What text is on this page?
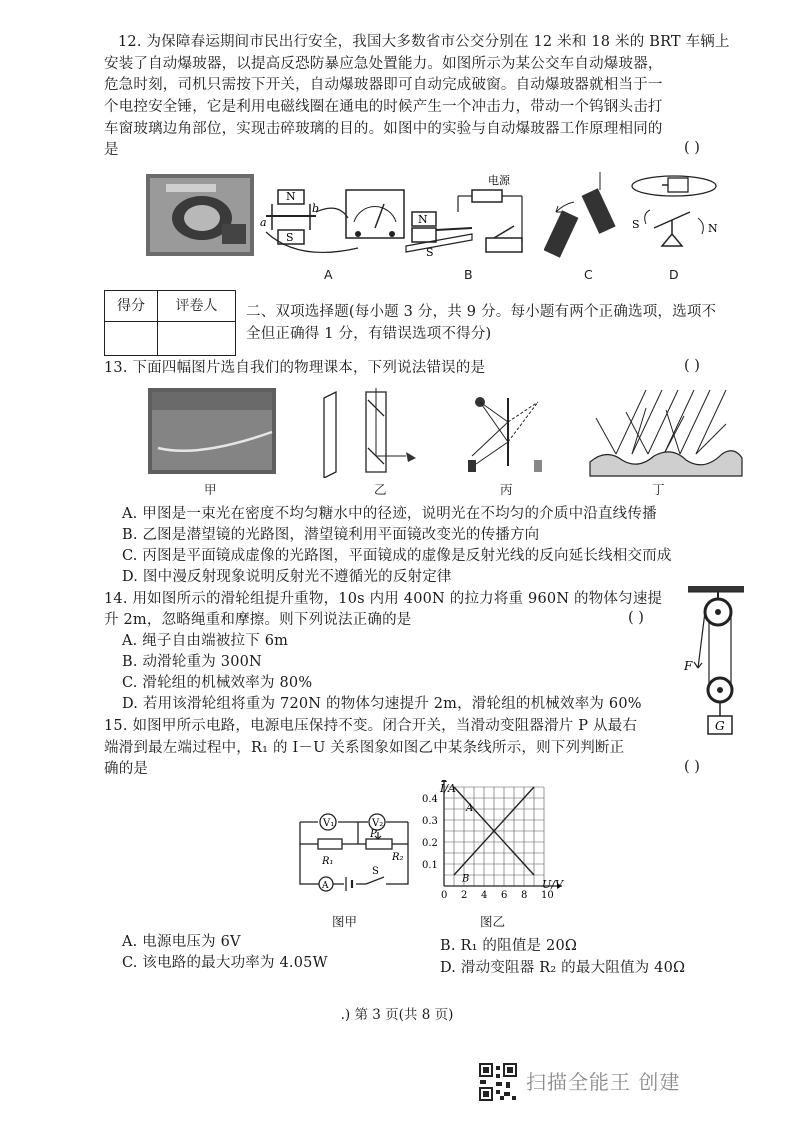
12. 为保障春运期间市民出行安全，我国大多数省市公交分别在 12 米和 18 米的 BRT 车辆上
安装了自动爆玻器，以提高反恐防暴应急处置能力。如图所示为某公交车自动爆玻器，
危急时刻，司机只需按下开关，自动爆玻器即可自动完成破窗。自动爆玻器就相当于一
个电控安全锤，它是利用电磁线圈在通电的时候产生一个冲击力，带动一个钨钢头击打
车窗玻璃边角部位，实现击碎玻璃的目的。如图中的实验与自动爆玻器工作原理相同的
是	( )
N
S
a
b
A
N
S
电源
B	C
S	N
D
得分	评卷人	二、双项选择题(每小题 3 分，共 9 分。每小题有两个正确选项，选项不
全但正确得 1 分，有错误选项不得分)
13. 下面四幅图片选自我们的物理课本，下列说法错误的是	( )
甲	乙	丙	丁
A. 甲图是一束光在密度不均匀糖水中的径迹，说明光在不均匀的介质中沿直线传播
B. 乙图是潜望镜的光路图，潜望镜利用平面镜改变光的传播方向
C. 丙图是平面镜成虚像的光路图，平面镜成的虚像是反射光线的反向延长线相交而成
D. 图中漫反射现象说明反射光不遵循光的反射定律
14. 用如图所示的滑轮组提升重物，10s 内用 400N 的拉力将重 960N 的物体匀速提
升 2m，忽略绳重和摩擦。则下列说法正确的是	( )
A. 绳子自由端被拉下 6m
B. 动滑轮重为 300N
C. 滑轮组的机械效率为 80%
D. 若用该滑轮组将重为 720N 的物体匀速提升 2m，滑轮组的机械效率为 60%
F
G
15. 如图甲所示电路，电源电压保持不变。闭合开关，当滑动变阻器滑片 P 从最右
端滑到最左端过程中，R₁ 的 I－U 关系图象如图乙中某条线所示，则下列判断正
确的是	( )
V₁	V₂
P
R₁	R₂
A
S
图甲
A
B
0 2 4 6 8 10
0.1
0.2
0.3
0.4
I/A
U/V
图乙
A. 电源电压为 6V	B. R₁ 的阻值是 20Ω
C. 该电路的最大功率为 4.05W	D. 滑动变阻器 R₂ 的最大阻值为 40Ω
.) 第 3 页(共 8 页)
扫描全能王 创建
